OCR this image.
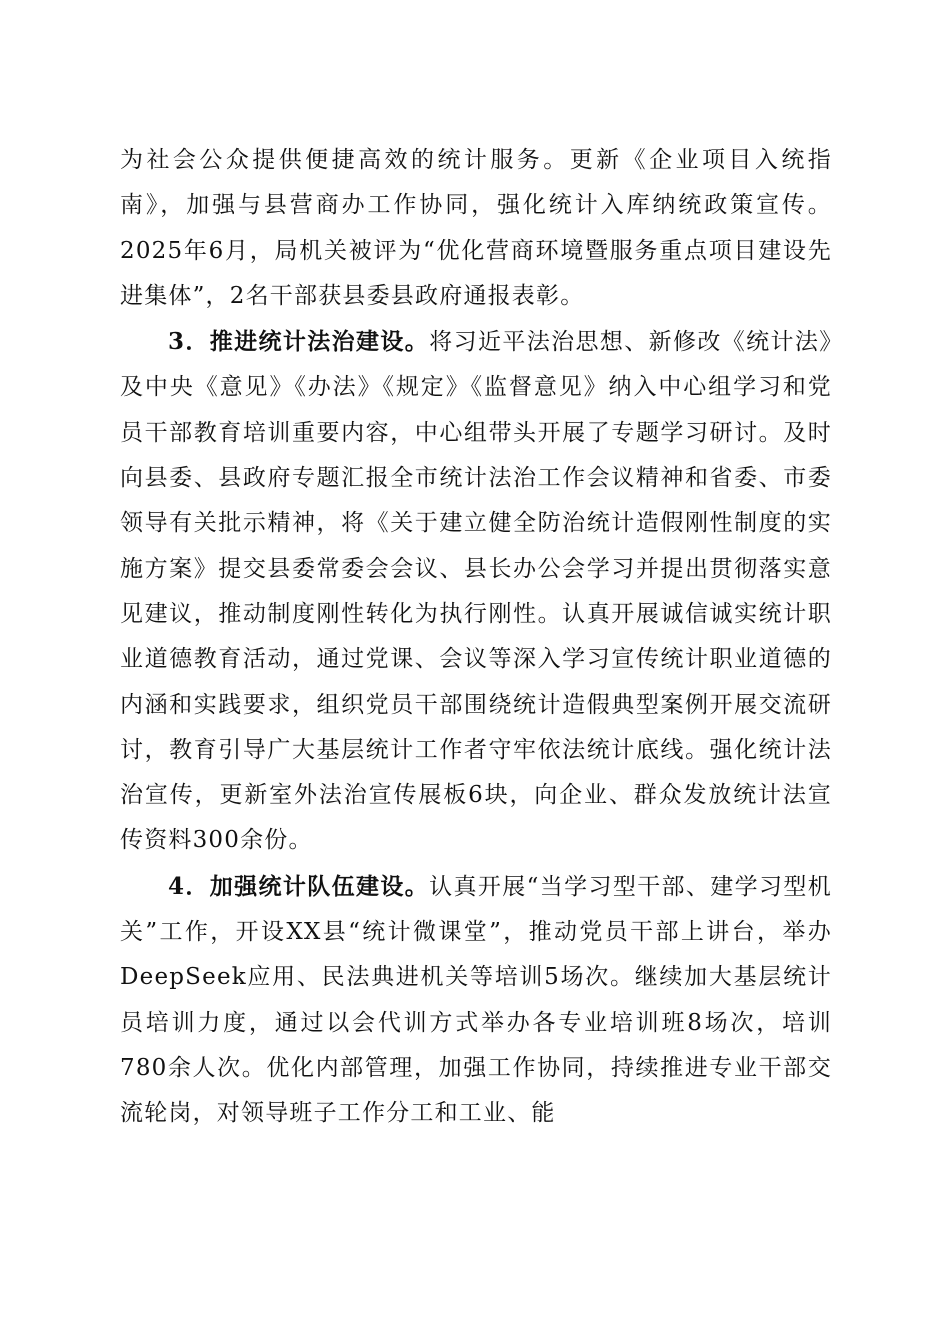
为社会公众提供便捷高效的统计服务。更新《企业项目入统指南》，加强与县营商办工作协同，强化统计入库纳统政策宣传。2025年6月，局机关被评为“优化营商环境暨服务重点项目建设先进集体”，2名干部获县委县政府通报表彰。

3．推进统计法治建设。将习近平法治思想、新修改《统计法》及中央《意见》《办法》《规定》《监督意见》纳入中心组学习和党员干部教育培训重要内容，中心组带头开展了专题学习研讨。及时向县委、县政府专题汇报全市统计法治工作会议精神和省委、市委领导有关批示精神，将《关于建立健全防治统计造假刚性制度的实施方案》提交县委常委会会议、县长办公会学习并提出贯彻落实意见建议，推动制度刚性转化为执行刚性。认真开展诚信诚实统计职业道德教育活动，通过党课、会议等深入学习宣传统计职业道德的内涵和实践要求，组织党员干部围绕统计造假典型案例开展交流研讨，教育引导广大基层统计工作者守牢依法统计底线。强化统计法治宣传，更新室外法治宣传展板6块，向企业、群众发放统计法宣传资料300余份。

4．加强统计队伍建设。认真开展“当学习型干部、建学习型机关”工作，开设XX县“统计微课堂”，推动党员干部上讲台，举办DeepSeek应用、民法典进机关等培训5场次。继续加大基层统计员培训力度，通过以会代训方式举办各专业培训班8场次，培训780余人次。优化内部管理，加强工作协同，持续推进专业干部交流轮岗，对领导班子工作分工和工业、能
